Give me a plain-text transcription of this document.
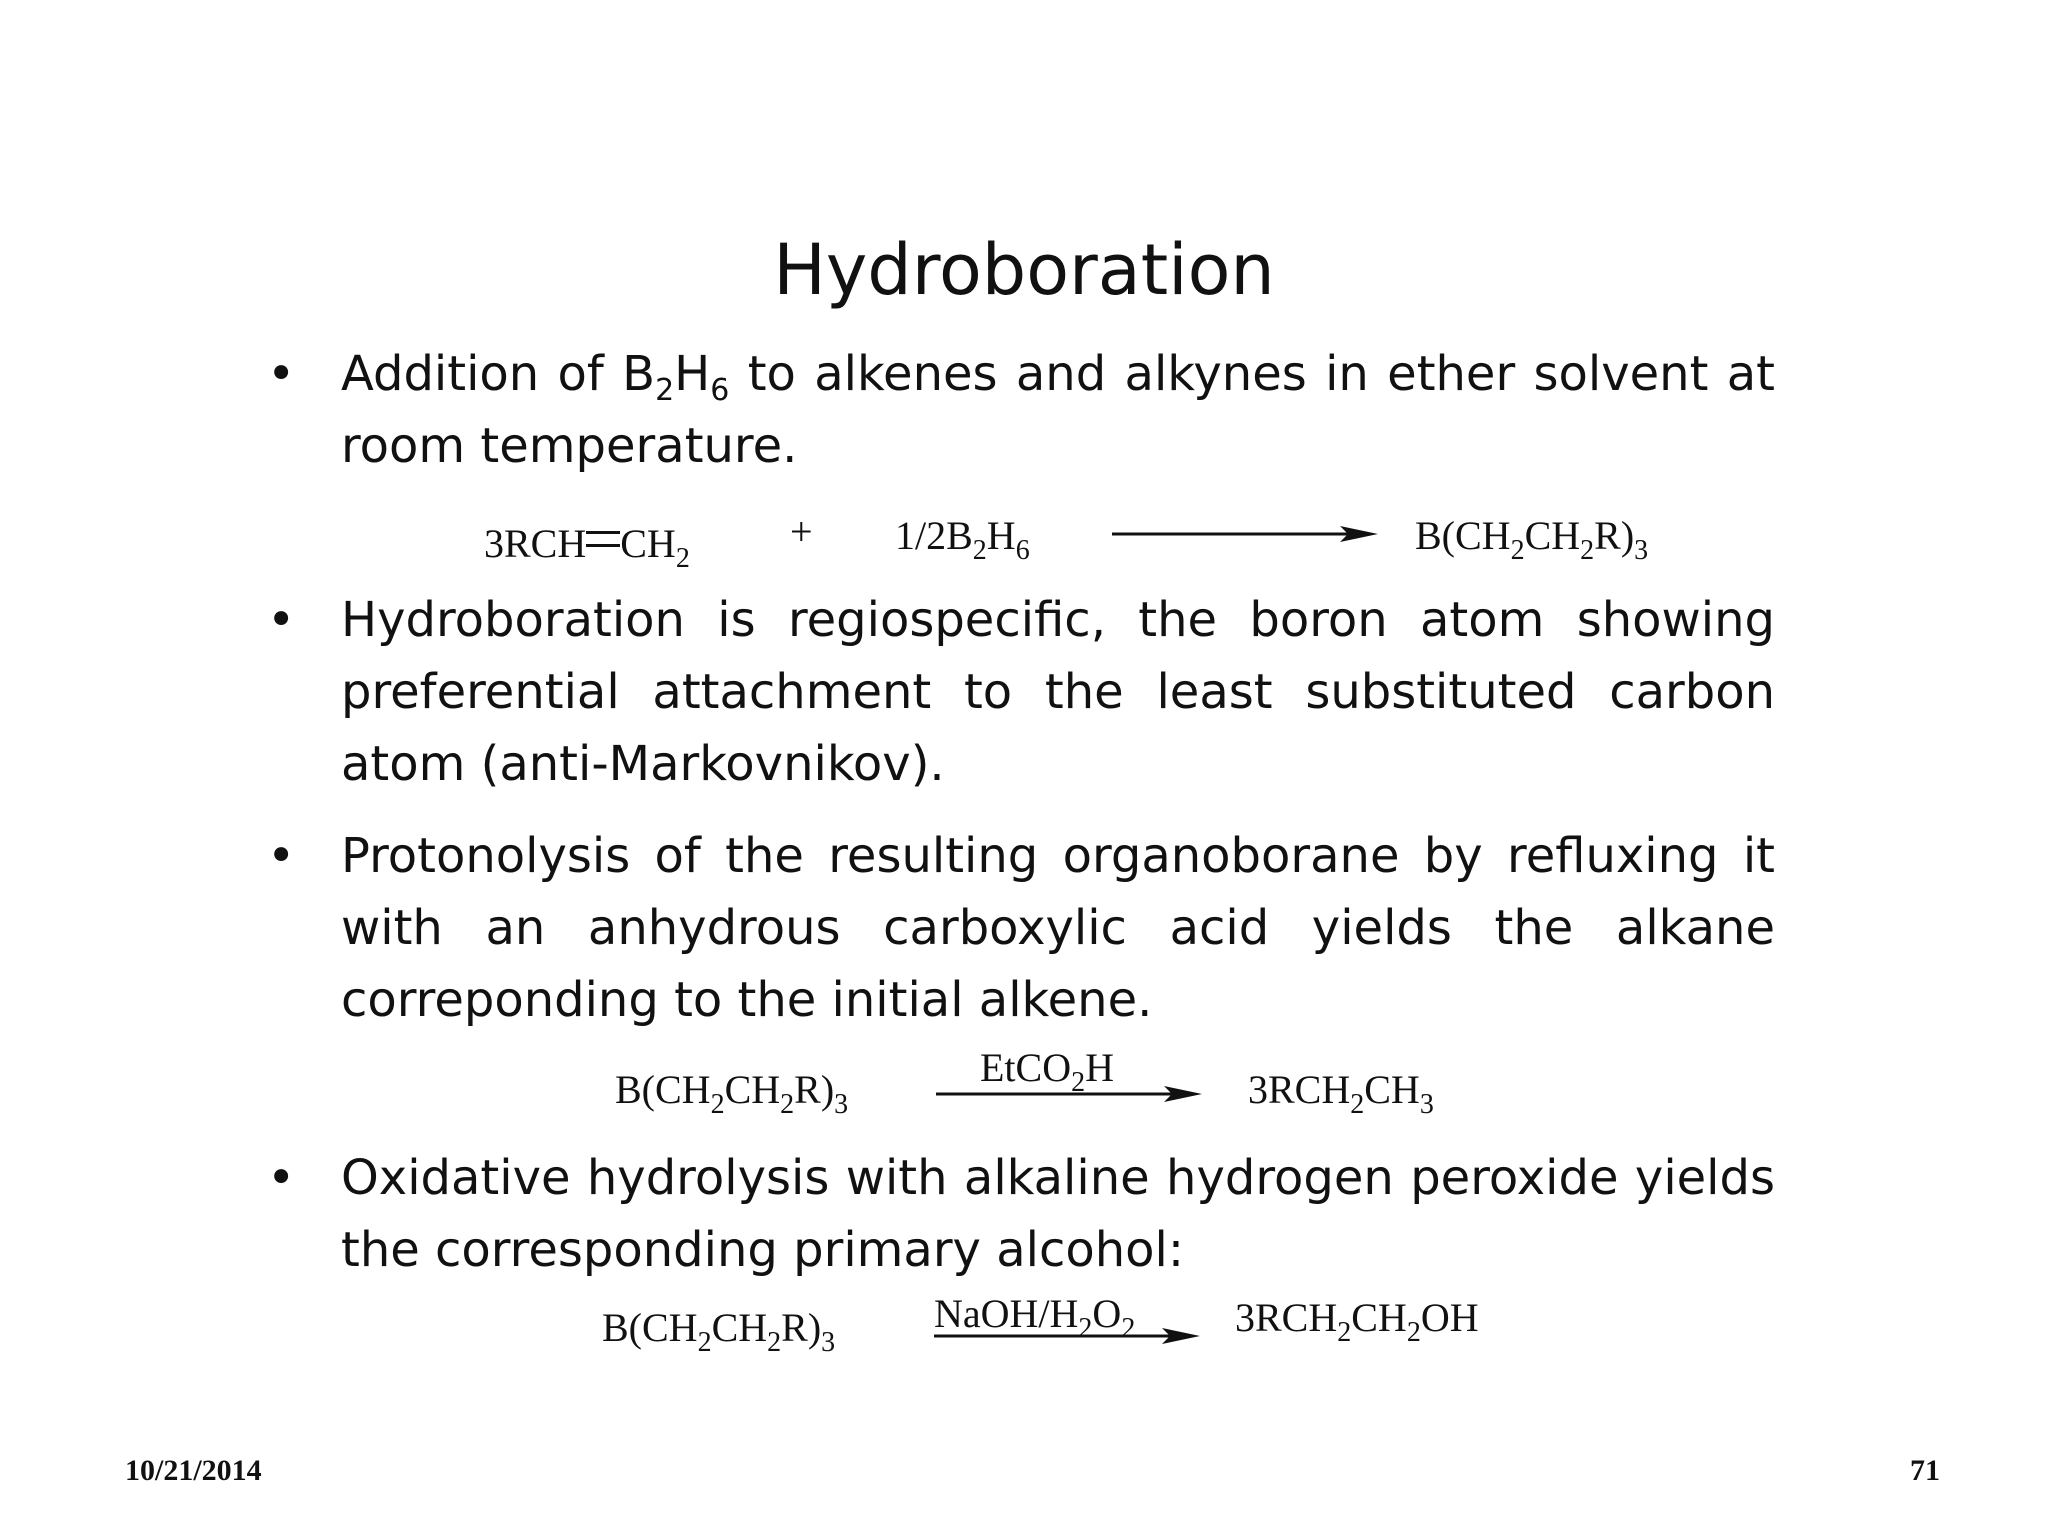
Hydroboration
• Addition of $B_2H_6$ to alkenes and alkynes in ether solvent at room temperature.
3RCH $CH_2$
+ $1/2B_2H_6$	$B(CH_2CH_2R)_3$
• Hydroboration is regiospecific, the boron atom showing preferential attachment to the least substituted carbon atom (anti-Markovnikov).
• Protonolysis of the resulting organoborane by refluxing it with an anhydrous carboxylic acid yields the alkane correponding to the initial alkene.
$B(CH_2CH_2R)_3$
EtCO$_2$H	$3RCH_2CH_3$
• Oxidative hydrolysis with alkaline hydrogen peroxide yields the corresponding primary alcohol:
$B(CH_2CH_2R)_3$
NaOH/$H_2O_2$ $3RCH_2CH_2OH$
10/21/2014	71
